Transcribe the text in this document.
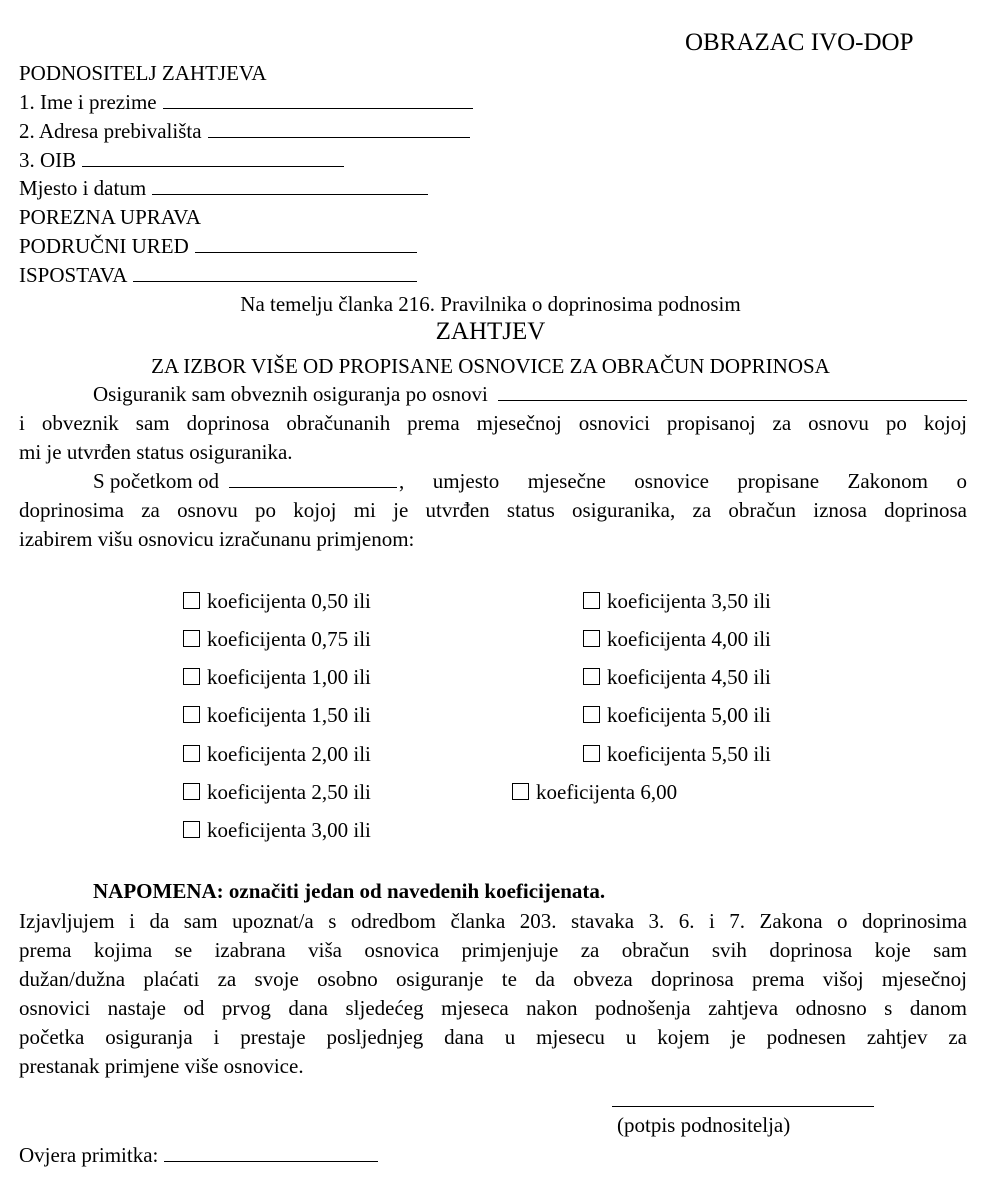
OBRAZAC IVO-DOP
PODNOSITELJ ZAHTJEVA
1. Ime i prezime
2. Adresa prebivališta
3. OIB
Mjesto i datum
POREZNA UPRAVA
PODRUČNI URED
ISPOSTAVA
Na temelju članka 216. Pravilnika o doprinosima podnosim
ZAHTJEV
ZA IZBOR VIŠE OD PROPISANE OSNOVICE ZA OBRAČUN DOPRINOSA
Osiguranik sam obveznih osiguranja po osnovi
i obveznik sam doprinosa obračunanih prema mjesečnoj osnovici propisanoj za osnovu po kojoj
mi je utvrđen status osiguranika.
S početkom od	, umjesto mjesečne osnovice propisane Zakonom o
doprinosima za osnovu po kojoj mi je utvrđen status osiguranika, za obračun iznosa doprinosa
izabirem višu osnovicu izračunanu primjenom:
koeficijenta 0,50 ili
koeficijenta 0,75 ili
koeficijenta 1,00 ili
koeficijenta 1,50 ili
koeficijenta 2,00 ili
koeficijenta 2,50 ili
koeficijenta 3,00 ili
koeficijenta 3,50 ili
koeficijenta 4,00 ili
koeficijenta 4,50 ili
koeficijenta 5,00 ili
koeficijenta 5,50 ili
koeficijenta 6,00
NAPOMENA: označiti jedan od navedenih koeficijenata.
Izjavljujem i da sam upoznat/a s odredbom članka 203. stavaka 3. 6. i 7. Zakona o doprinosima
prema kojima se izabrana viša osnovica primjenjuje za obračun svih doprinosa koje sam
dužan/dužna plaćati za svoje osobno osiguranje te da obveza doprinosa prema višoj mjesečnoj
osnovici nastaje od prvog dana sljedećeg mjeseca nakon podnošenja zahtjeva odnosno s danom
početka osiguranja i prestaje posljednjeg dana u mjesecu u kojem je podnesen zahtjev za
prestanak primjene više osnovice.
(potpis podnositelja)
Ovjera primitka:
